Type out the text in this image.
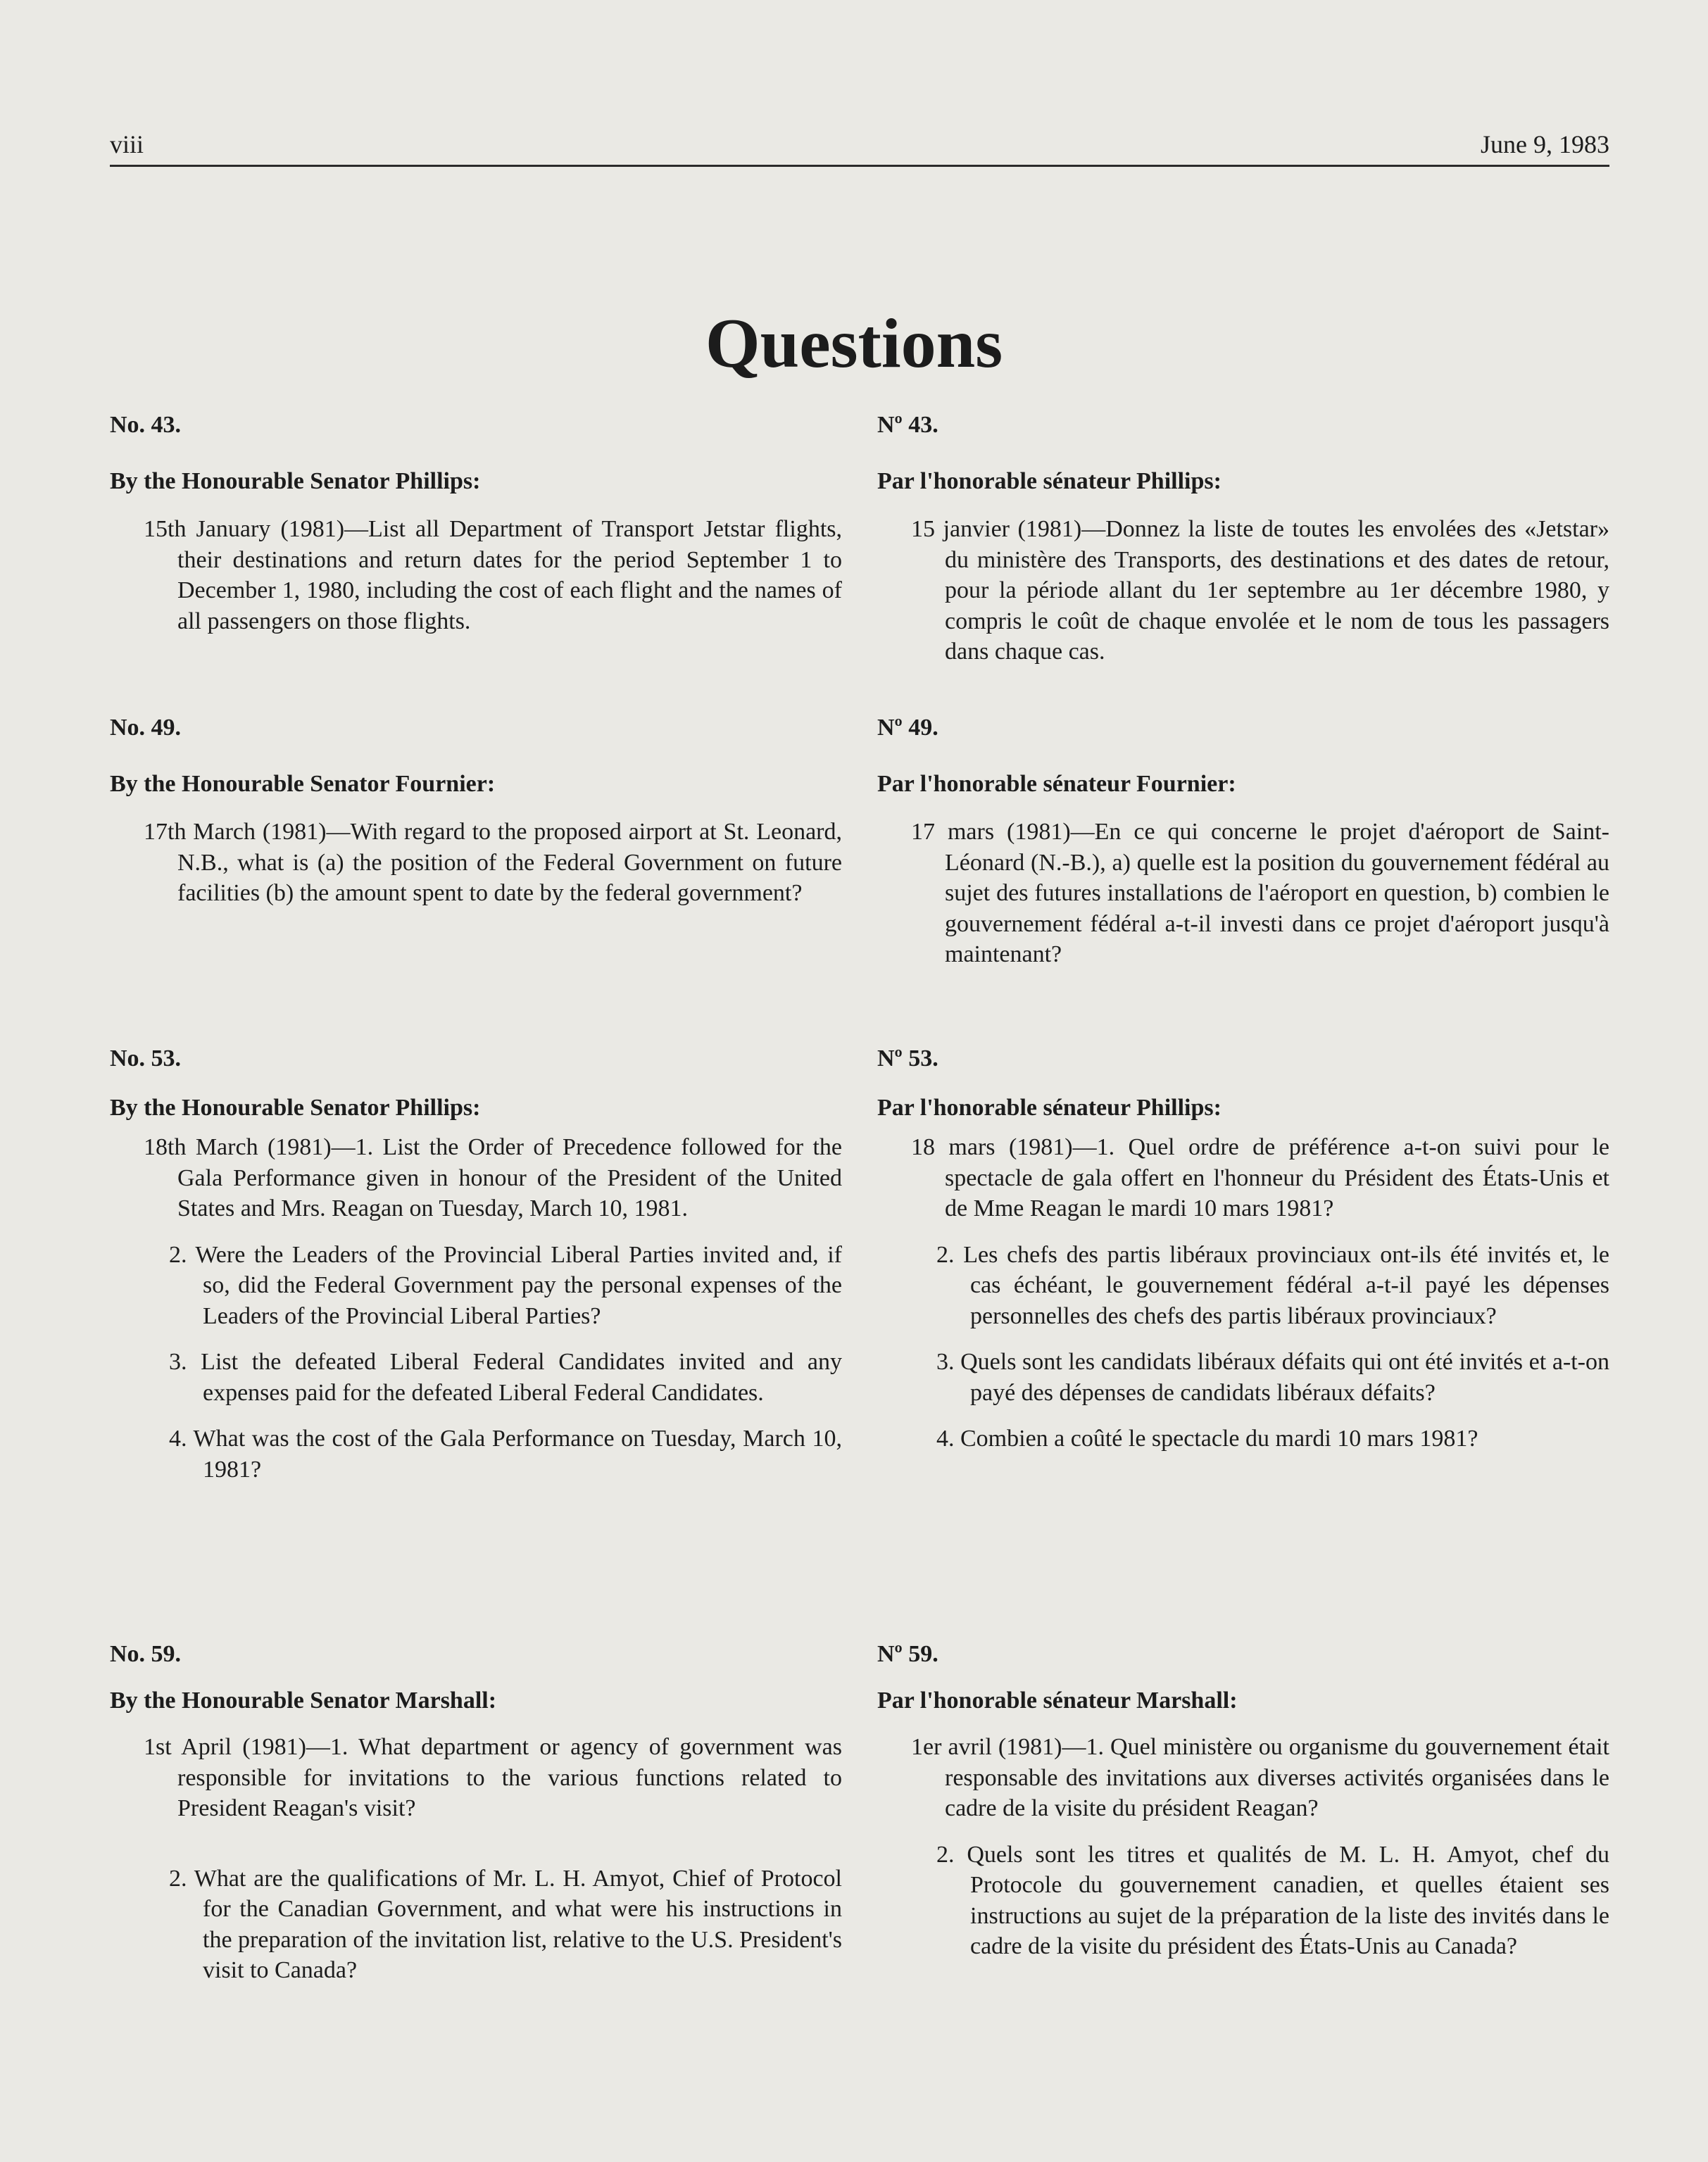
viii	June 9, 1983
Questions
No. 43.
By the Honourable Senator Phillips:
15th January (1981)—List all Department of Transport Jetstar flights, their destinations and return dates for the period September 1 to December 1, 1980, including the cost of each flight and the names of all passengers on those flights.
No. 49.
By the Honourable Senator Fournier:
17th March (1981)—With regard to the proposed airport at St. Leonard, N.B., what is (a) the position of the Federal Government on future facilities (b) the amount spent to date by the federal government?
No. 53.
By the Honourable Senator Phillips:
18th March (1981)—1. List the Order of Precedence followed for the Gala Performance given in honour of the President of the United States and Mrs. Reagan on Tuesday, March 10, 1981.
2. Were the Leaders of the Provincial Liberal Parties invited and, if so, did the Federal Government pay the personal expenses of the Leaders of the Provincial Liberal Parties?
3. List the defeated Liberal Federal Candidates invited and any expenses paid for the defeated Liberal Federal Candidates.
4. What was the cost of the Gala Performance on Tuesday, March 10, 1981?
No. 59.
By the Honourable Senator Marshall:
1st April (1981)—1. What department or agency of government was responsible for invitations to the various functions related to President Reagan's visit?
2. What are the qualifications of Mr. L. H. Amyot, Chief of Protocol for the Canadian Government, and what were his instructions in the preparation of the invitation list, relative to the U.S. President's visit to Canada?
Nº 43.
Par l'honorable sénateur Phillips:
15 janvier (1981)—Donnez la liste de toutes les envolées des «Jetstar» du ministère des Transports, des destinations et des dates de retour, pour la période allant du 1er septembre au 1er décembre 1980, y compris le coût de chaque envolée et le nom de tous les passagers dans chaque cas.
Nº 49.
Par l'honorable sénateur Fournier:
17 mars (1981)—En ce qui concerne le projet d'aéroport de Saint-Léonard (N.-B.), a) quelle est la position du gouvernement fédéral au sujet des futures installations de l'aéroport en question, b) combien le gouvernement fédéral a-t-il investi dans ce projet d'aéroport jusqu'à maintenant?
Nº 53.
Par l'honorable sénateur Phillips:
18 mars (1981)—1. Quel ordre de préférence a-t-on suivi pour le spectacle de gala offert en l'honneur du Président des États-Unis et de Mme Reagan le mardi 10 mars 1981?
2. Les chefs des partis libéraux provinciaux ont-ils été invités et, le cas échéant, le gouvernement fédéral a-t-il payé les dépenses personnelles des chefs des partis libéraux provinciaux?
3. Quels sont les candidats libéraux défaits qui ont été invités et a-t-on payé des dépenses de candidats libéraux défaits?
4. Combien a coûté le spectacle du mardi 10 mars 1981?
Nº 59.
Par l'honorable sénateur Marshall:
1er avril (1981)—1. Quel ministère ou organisme du gouvernement était responsable des invitations aux diverses activités organisées dans le cadre de la visite du président Reagan?
2. Quels sont les titres et qualités de M. L. H. Amyot, chef du Protocole du gouvernement canadien, et quelles étaient ses instructions au sujet de la préparation de la liste des invités dans le cadre de la visite du président des États-Unis au Canada?
